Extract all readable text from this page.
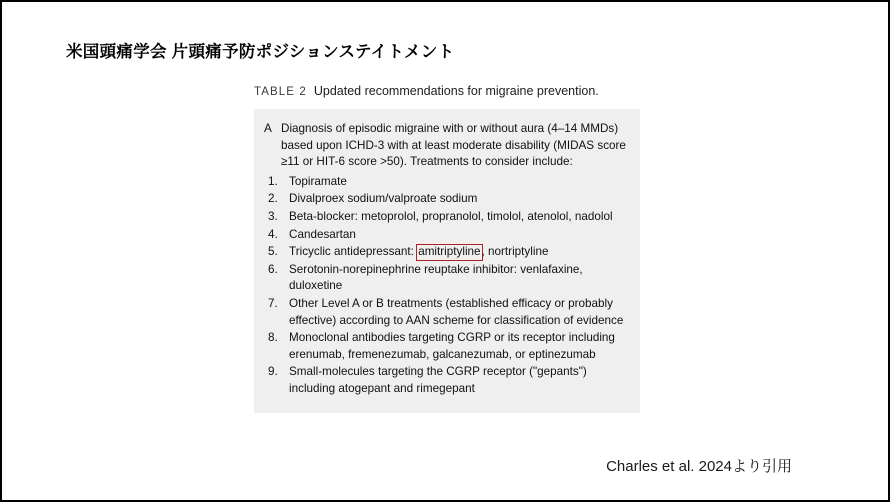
米国頭痛学会 片頭痛予防ポジションステイトメント
TABLE 2 Updated recommendations for migraine prevention.
A Diagnosis of episodic migraine with or without aura (4–14 MMDs) based upon ICHD-3 with at least moderate disability (MIDAS score ≥11 or HIT-6 score >50). Treatments to consider include:
1. Topiramate
2. Divalproex sodium/valproate sodium
3. Beta-blocker: metoprolol, propranolol, timolol, atenolol, nadolol
4. Candesartan
5. Tricyclic antidepressant: amitriptyline, nortriptyline
6. Serotonin-norepinephrine reuptake inhibitor: venlafaxine, duloxetine
7. Other Level A or B treatments (established efficacy or probably effective) according to AAN scheme for classification of evidence
8. Monoclonal antibodies targeting CGRP or its receptor including erenumab, fremenezumab, galcanezumab, or eptinezumab
9. Small-molecules targeting the CGRP receptor ("gepants") including atogepant and rimegepant
Charles et al. 2024より引用
